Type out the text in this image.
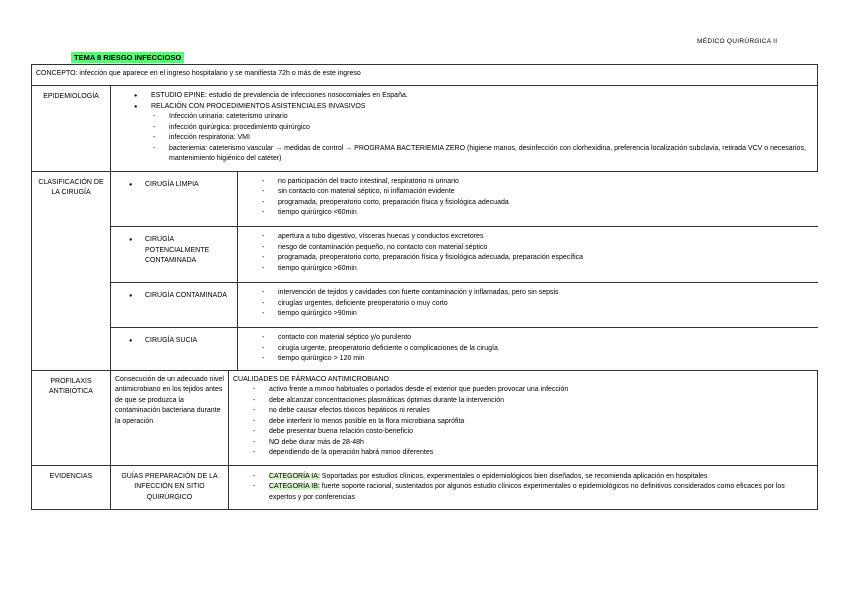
MÉDICO QUIRÚRGICA II
TEMA 8 RIESGO INFECCIOSO
CONCEPTO: infección que aparece en el ingreso hospitalario y se manifiesta 72h o más de este ingreso
EPIDEMIOLOGÍA	
●ESTUDIO EPINE: estudio de prevalencia de infecciones nosocomiales en España.
● RELACIÓN CON PROCEDIMIENTOS ASISTENCIALES INVASIVOS
- Infección urinaria: cateterismo urinario
- infección quirúrgica: procedimiento quirúrgico
- infección respiratoria: VMI
- bacteriemia: cateterismo vascular → medidas de control → PROGRAMA BACTERIEMIA ZERO (higiene manos, desinfección con clorhexidina, preferencia localización subclavia, retirada VCV o necesarios, mantenimiento higiénico del catéter)

CLASIFICACIÓN DE LA CIRUGÍA	
● CIRUGÍA LIMPIA

-no participación del tracto intestinal, respiratorio ni urinario
- sin contacto con material séptico, ni inflamación evidente
- programada, preoperatorio corto, preparación física y fisiológica adecuada
- tiempo quirúrgico <60min

● CIRUGÍA POTENCIALMENTE CONTAMINADA

- apertura a tubo digestivo, vísceras huecas y conductos excretores
- riesgo de contaminación pequeño, no contacto con material séptico
- programada, preoperatorio corto, preparación física y fisiológica adecuada, preparación específica
- tiempo quirúrgico >60min

● CIRUGÍA CONTAMINADA

-intervención de tejidos y cavidades con fuerte contaminación y inflamadas, pero sin sepsis
- cirugías urgentes, deficiente preoperatorio o muy corto
- tiempo quirúrgico >90min

● CIRUGÍA SUCIA

-contacto con material séptico y/o purulento
- cirugía urgente, preoperatorio deficiente o complicaciones de la cirugía
- tiempo quirúrgico > 120 min

PROFILAXIS ANTIBIÓTICA	Consecución de un adecuado nivel antimicrobiano en los tejidos antes de que se produzca la contaminación bacteriana durante la operación	
CUALIDADES DE FÁRMACO ANTIMICROBIANO
- activo frente a mmoo habituales o portados desde el exterior que pueden provocar una infección
- debe alcanzar concentraciones plasmáticas óptimas durante la intervención
- no debe causar efectos tóxicos hepáticos ni renales
- debe interferir lo menos posible en la flora microbiana saprófita
- debe presentar buena relación costo-beneficio
- NO debe durar más de 28-48h
- dependiendo de la operación habrá mmoo diferentes

EVIDENCIAS	GUÍAS PREPARACIÓN DE LA INFECCIÓN EN SITIO QUIRÚRGICO	
- CATEGORÍA IA: Soportadas por estudios clínicos, experimentales o epidemiológicos bien diseñados, se recomienda aplicación en hospitales
- CATEGORÍA IB: fuerte soporte racional, sustentados por algunos estudio clínicos experimentales o epidemiológicos no definitivos considerados como eficaces por los expertos y por conferencias
